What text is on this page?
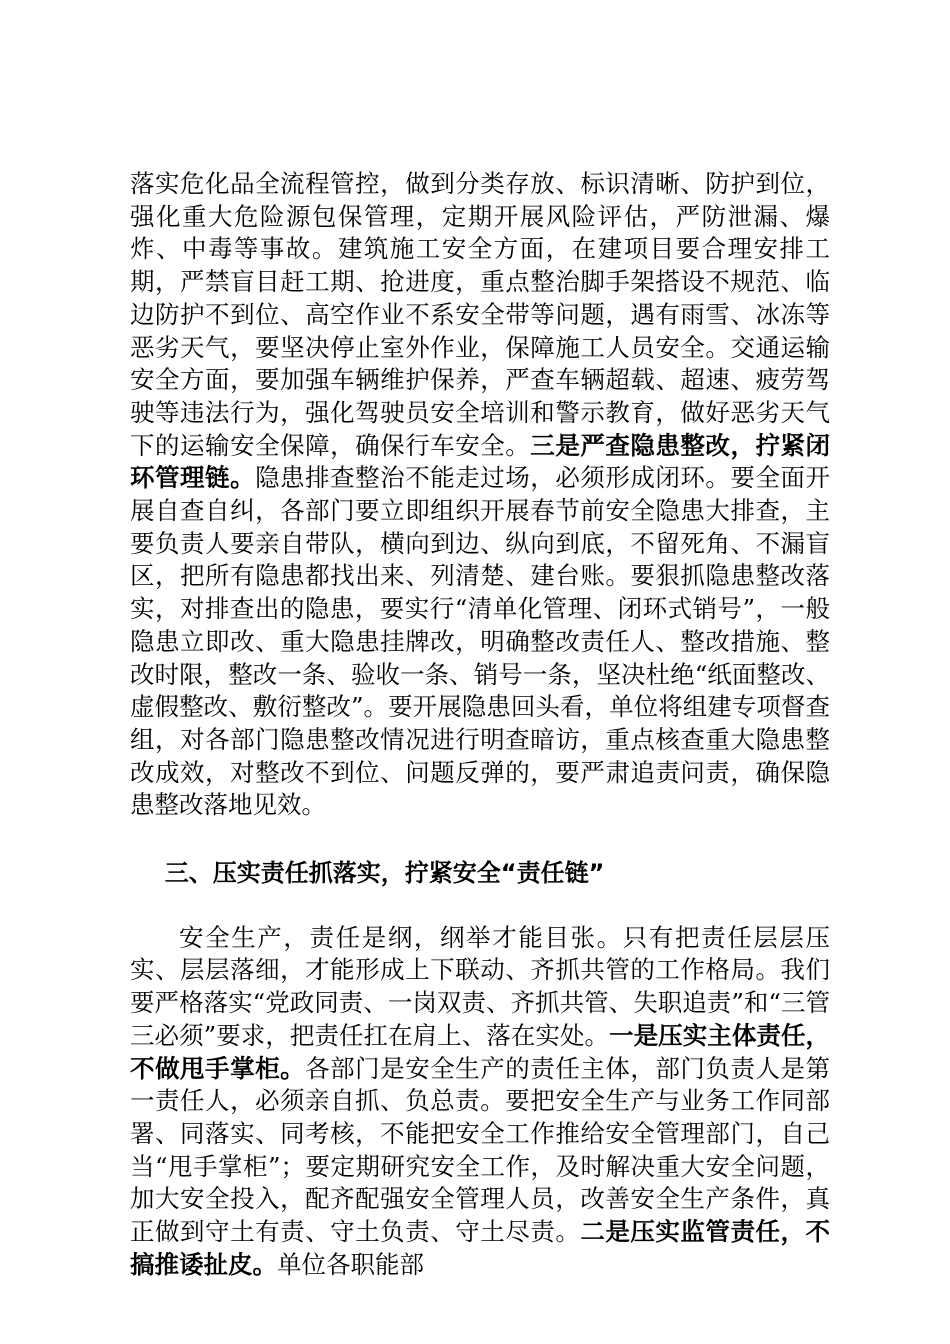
落实危化品全流程管控，做到分类存放、标识清晰、防护到位，强化重大危险源包保管理，定期开展风险评估，严防泄漏、爆炸、中毒等事故。建筑施工安全方面，在建项目要合理安排工期，严禁盲目赶工期、抢进度，重点整治脚手架搭设不规范、临边防护不到位、高空作业不系安全带等问题，遇有雨雪、冰冻等恶劣天气，要坚决停止室外作业，保障施工人员安全。交通运输安全方面，要加强车辆维护保养，严查车辆超载、超速、疲劳驾驶等违法行为，强化驾驶员安全培训和警示教育，做好恶劣天气下的运输安全保障，确保行车安全。三是严查隐患整改，拧紧闭环管理链。隐患排查整治不能走过场，必须形成闭环。要全面开展自查自纠，各部门要立即组织开展春节前安全隐患大排查，主要负责人要亲自带队，横向到边、纵向到底，不留死角、不漏盲区，把所有隐患都找出来、列清楚、建台账。要狠抓隐患整改落实，对排查出的隐患，要实行“清单化管理、闭环式销号”，一般隐患立即改、重大隐患挂牌改，明确整改责任人、整改措施、整改时限，整改一条、验收一条、销号一条，坚决杜绝“纸面整改、虚假整改、敷衍整改”。要开展隐患回头看，单位将组建专项督查组，对各部门隐患整改情况进行明查暗访，重点核查重大隐患整改成效，对整改不到位、问题反弹的，要严肃追责问责，确保隐患整改落地见效。

三、压实责任抓落实，拧紧安全“责任链”

安全生产，责任是纲，纲举才能目张。只有把责任层层压实、层层落细，才能形成上下联动、齐抓共管的工作格局。我们要严格落实“党政同责、一岗双责、齐抓共管、失职追责”和“三管三必须”要求，把责任扛在肩上、落在实处。一是压实主体责任，不做甩手掌柜。各部门是安全生产的责任主体，部门负责人是第一责任人，必须亲自抓、负总责。要把安全生产与业务工作同部署、同落实、同考核，不能把安全工作推给安全管理部门，自己当“甩手掌柜”；要定期研究安全工作，及时解决重大安全问题，加大安全投入，配齐配强安全管理人员，改善安全生产条件，真正做到守土有责、守土负责、守土尽责。二是压实监管责任，不搞推诿扯皮。单位各职能部
